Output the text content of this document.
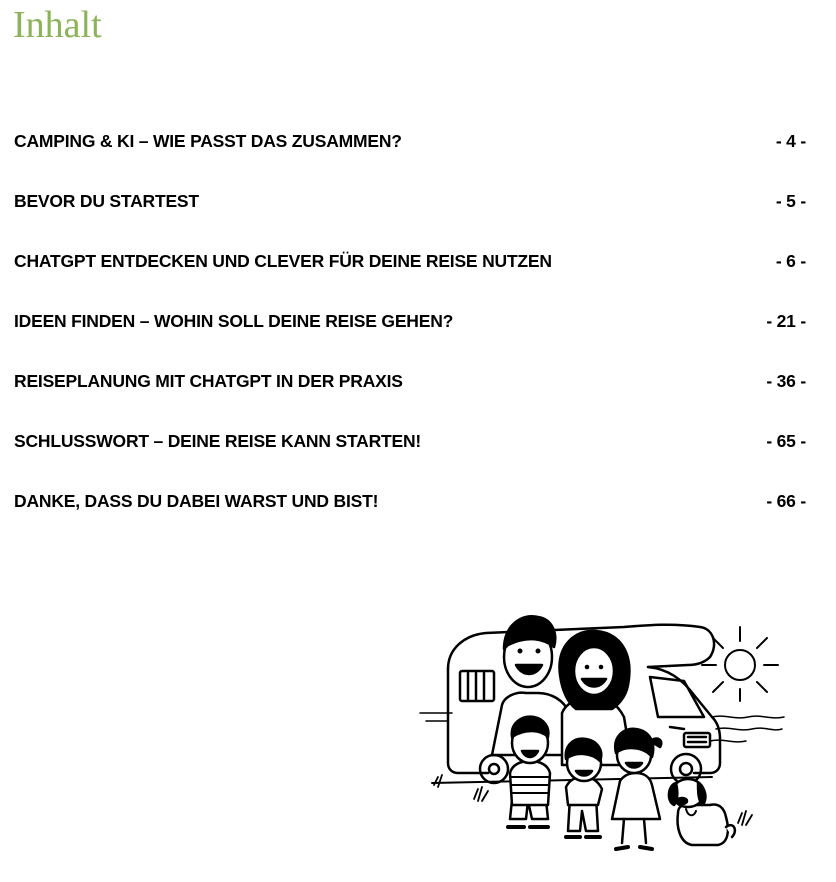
Inhalt
CAMPING & KI – WIE PASST DAS ZUSAMMEN?	- 4 -
BEVOR DU STARTEST	- 5 -
CHATGPT ENTDECKEN UND CLEVER FÜR DEINE REISE NUTZEN	- 6 -
IDEEN FINDEN – WOHIN SOLL DEINE REISE GEHEN?	- 21 -
REISEPLANUNG MIT CHATGPT IN DER PRAXIS	- 36 -
SCHLUSSWORT – DEINE REISE KANN STARTEN!	- 65 -
DANKE, DASS DU DABEI WARST UND BIST!	- 66 -
